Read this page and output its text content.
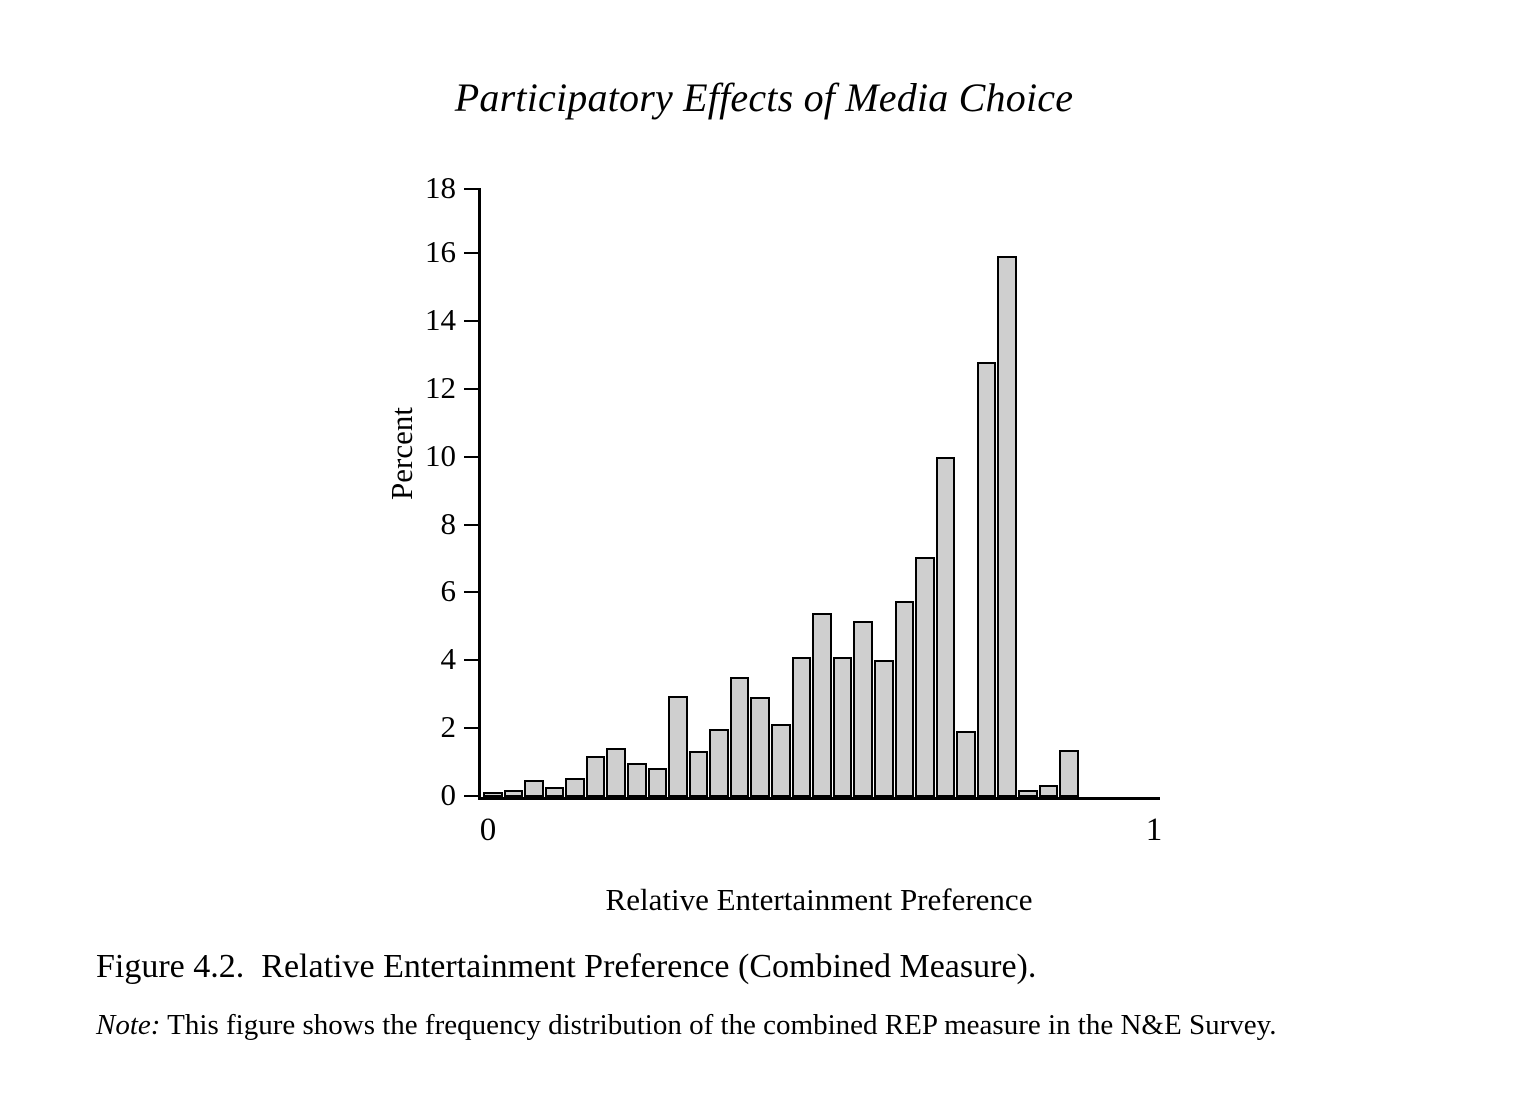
Participatory Effects of Media Choice
0
2
4
6
8
10
12
14
16
18
0	1
Relative Entertainment Preference
Percent
Figure 4.2. Relative Entertainment Preference (Combined Measure).
Note: This figure shows the frequency distribution of the combined REP measure in the N&E Survey.
